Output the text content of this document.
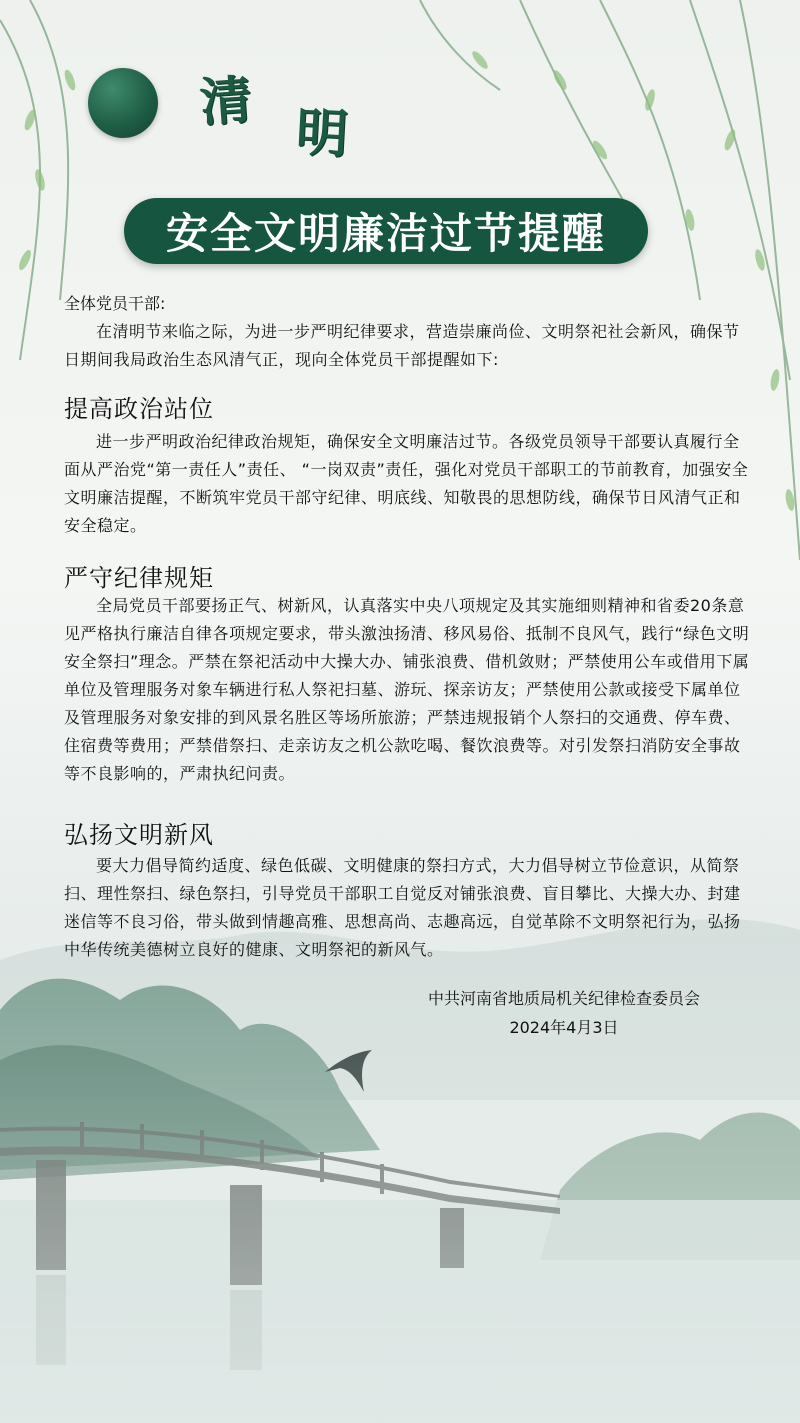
清 明
安全文明廉洁过节提醒
全体党员干部:

在清明节来临之际，为进一步严明纪律要求，营造崇廉尚俭、文明祭祀社会新风，确保节日期间我局政治生态风清气正，现向全体党员干部提醒如下:

提高政治站位

进一步严明政治纪律政治规矩，确保安全文明廉洁过节。各级党员领导干部要认真履行全面从严治党“第一责任人”责任、 “一岗双责”责任，强化对党员干部职工的节前教育，加强安全文明廉洁提醒，不断筑牢党员干部守纪律、明底线、知敬畏的思想防线，确保节日风清气正和安全稳定。

严守纪律规矩

全局党员干部要扬正气、树新风，认真落实中央八项规定及其实施细则精神和省委20条意见严格执行廉洁自律各项规定要求，带头激浊扬清、移风易俗、抵制不良风气，践行“绿色文明安全祭扫”理念。严禁在祭祀活动中大操大办、铺张浪费、借机敛财；严禁使用公车或借用下属单位及管理服务对象车辆进行私人祭祀扫墓、游玩、探亲访友；严禁使用公款或接受下属单位及管理服务对象安排的到风景名胜区等场所旅游；严禁违规报销个人祭扫的交通费、停车费、住宿费等费用；严禁借祭扫、走亲访友之机公款吃喝、餐饮浪费等。对引发祭扫消防安全事故等不良影响的，严肃执纪问责。

弘扬文明新风

要大力倡导简约适度、绿色低碳、文明健康的祭扫方式，大力倡导树立节俭意识，从简祭扫、理性祭扫、绿色祭扫，引导党员干部职工自觉反对铺张浪费、盲目攀比、大操大办、封建迷信等不良习俗，带头做到情趣高雅、思想高尚、志趣高远，自觉革除不文明祭祀行为，弘扬中华传统美德树立良好的健康、文明祭祀的新风气。

中共河南省地质局机关纪律检查委员会
2024年4月3日
